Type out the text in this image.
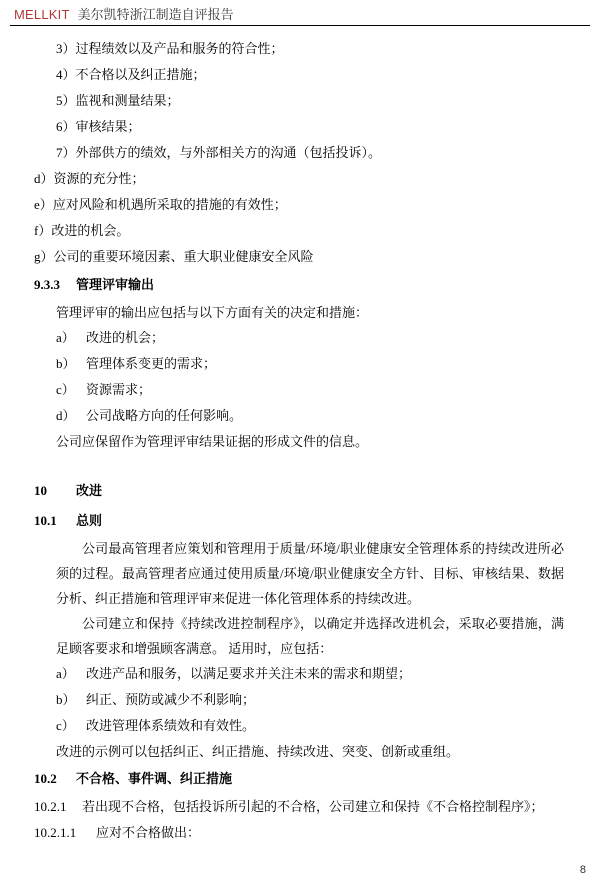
MELLKIT 美尔凯特浙江制造自评报告
3）过程绩效以及产品和服务的符合性；
4）不合格以及纠正措施；
5）监视和测量结果；
6）审核结果；
7）外部供方的绩效，与外部相关方的沟通（包括投诉）。
d）资源的充分性；
e）应对风险和机遇所采取的措施的有效性；
f）改进的机会。
g）公司的重要环境因素、重大职业健康安全风险
9.3.3 管理评审输出
管理评审的输出应包括与以下方面有关的决定和措施：
a） 改进的机会；
b） 管理体系变更的需求；
c） 资源需求；
d） 公司战略方向的任何影响。
公司应保留作为管理评审结果证据的形成文件的信息。
10 改进
10.1 总则
公司最高管理者应策划和管理用于质量/环境/职业健康安全管理体系的持续改进所必须的过程。最高管理者应通过使用质量/环境/职业健康安全方针、目标、审核结果、数据分析、纠正措施和管理评审来促进一体化管理体系的持续改进。
公司建立和保持《持续改进控制程序》，以确定并选择改进机会，采取必要措施，满足顾客要求和增强顾客满意。 适用时，应包括：
a） 改进产品和服务，以满足要求并关注未来的需求和期望；
b） 纠正、预防或减少不利影响；
c） 改进管理体系绩效和有效性。
改进的示例可以包括纠正、纠正措施、持续改进、突变、创新或重组。
10.2 不合格、事件调、纠正措施
10.2.1 若出现不合格，包括投诉所引起的不合格，公司建立和保持《不合格控制程序》；
10.2.1.1 应对不合格做出：
8
